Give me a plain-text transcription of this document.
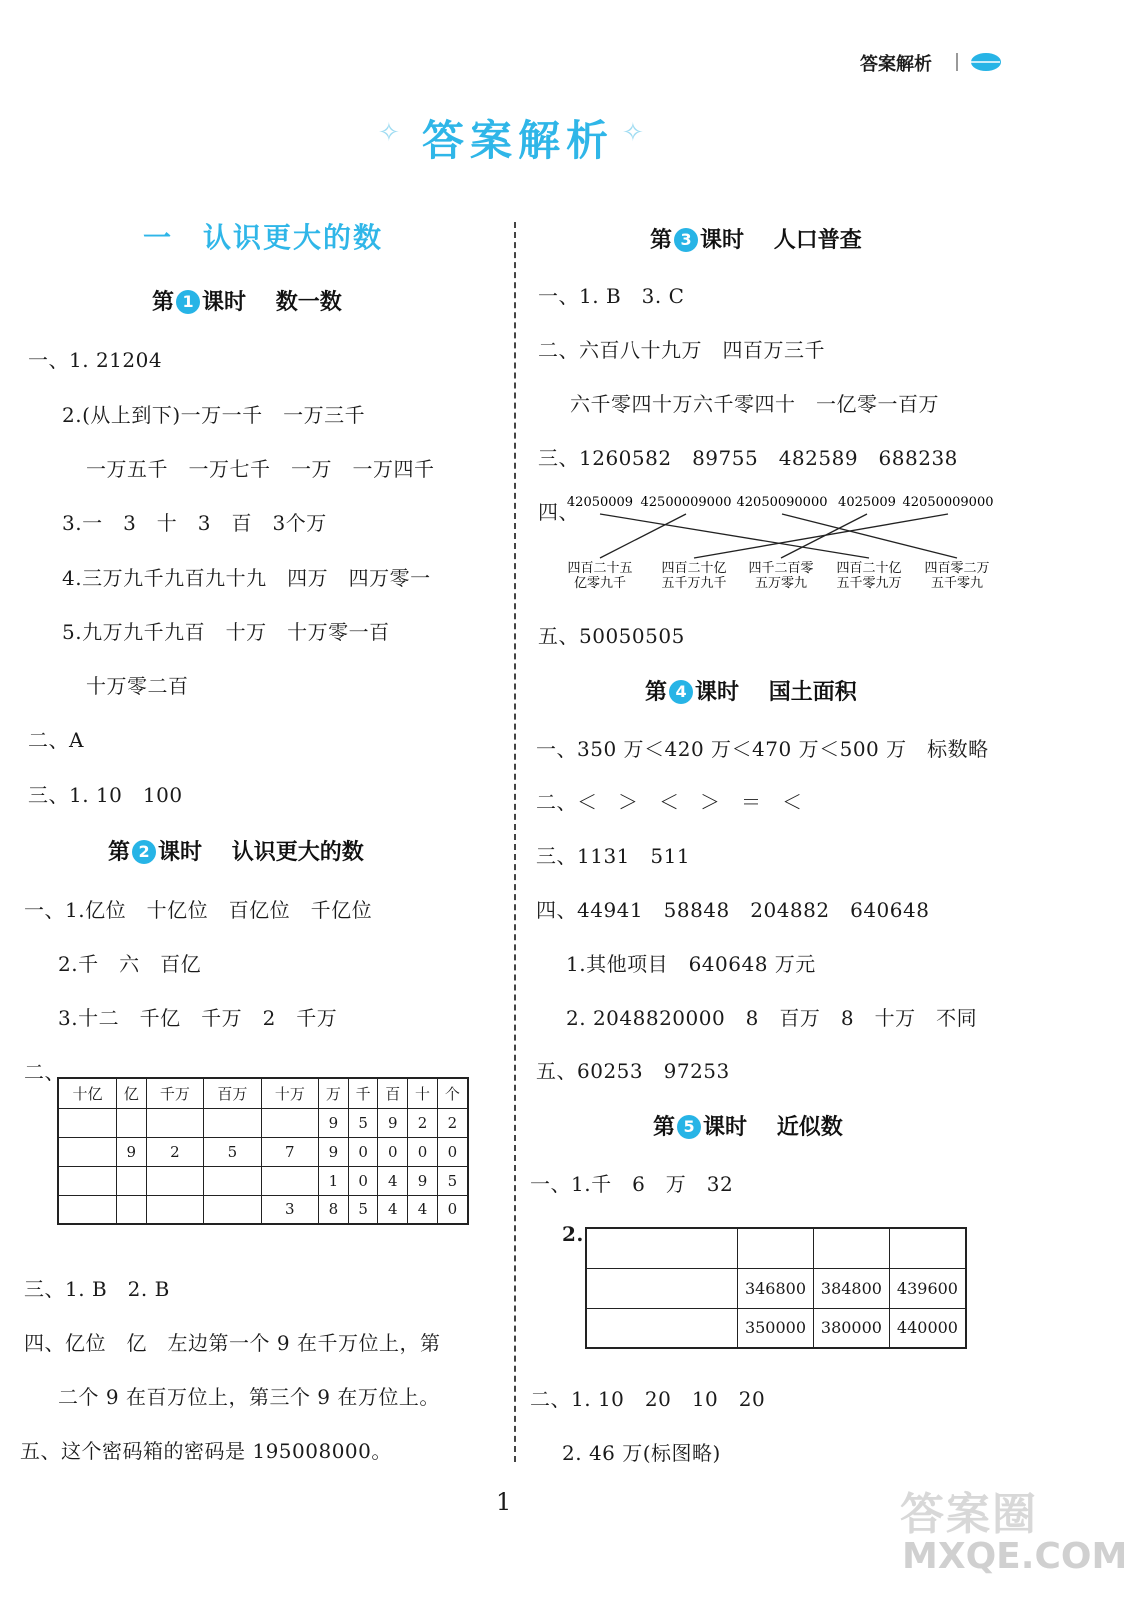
答案解析
✧ 答案解析 ✧
一　认识更大的数
第 1 课时 数一数
一、1. 21204
2.(从上到下)一万一千　一万三千
一万五千　一万七千　一万　一万四千
3.一　3　十　3　百　3个万
4.三万九千九百九十九　四万　四万零一
5.九万九千九百　十万　十万零一百
十万零二百
二、A
三、1. 10　100
第 2 课时 认识更大的数
一、1.亿位　十亿位　百亿位　千亿位
2.千　六　百亿
3.十二　千亿　千万　2　千万
二、
十亿	亿	千万	百万	十万	万	千	百	十	个
					9	5	9	2	2
	9	2	5	7	9	0	0	0	0
					1	0	4	9	5
				3	8	5	4	4	0
三、1. B　2. B
四、亿位　亿　左边第一个 9 在千万位上，第
二个 9 在百万位上，第三个 9 在万位上。
五、这个密码箱的密码是 195008000。
第 3 课时 人口普查
一、1. B　3. C
二、六百八十九万　四百万三千
六千零四十万六千零四十　一亿零一百万
三、1260582　89755　482589　688238
四、
42050009 42500009000 42050090000 4025009 42050009000
四百二十五
亿零九千
四百二十亿
五千万九千
四千二百零
五万零九
四百二十亿
五千零九万
四百零二万
五千零九
五、50050505
第 4 课时 国土面积
一、350 万＜420 万＜470 万＜500 万　标数略
二、＜　＞　＜　＞　＝　＜
三、1131　511
四、44941　58848　204882　640648
1.其他项目　640648 万元
2. 2048820000　8　百万　8　十万　不同
五、60253　97253
第 5 课时 近似数
一、1.千　6　万　32
2.

	346800	384800	439600
	350000	380000	440000
二、1. 10　20　10　20
2. 46 万(标图略)
1	答案圈
MXQE.COM
